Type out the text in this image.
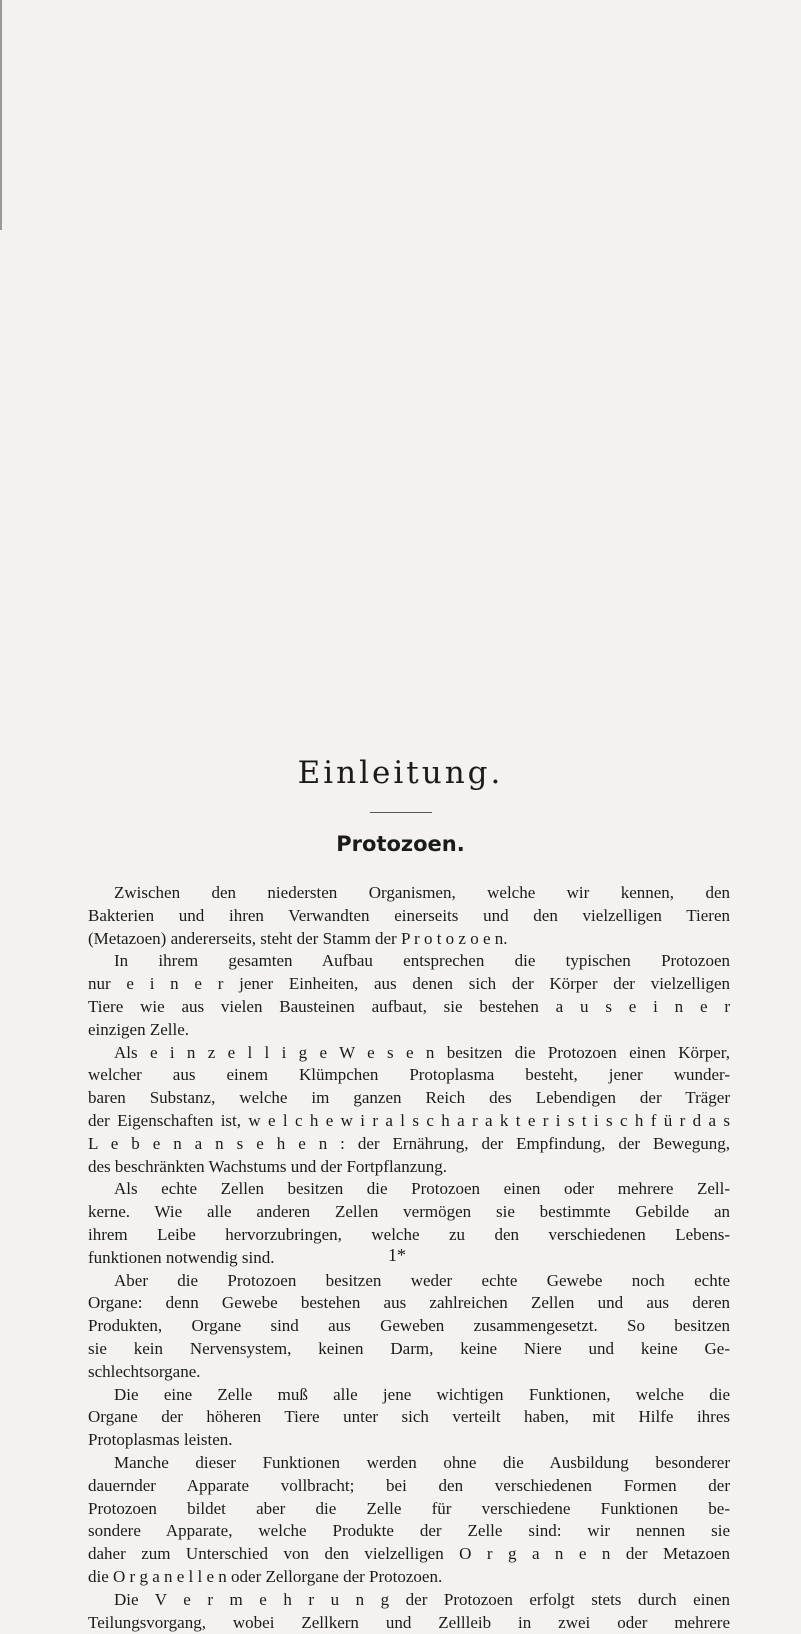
Einleitung.
Protozoen.
Zwischen den niedersten Organismen, welche wir kennen, den
Bakterien und ihren Verwandten einerseits und den vielzelligen Tieren
(Metazoen) andererseits, steht der Stamm der P r o t o z o e n.
In ihrem gesamten Aufbau entsprechen die typischen Protozoen
nur e i n e r jener Einheiten, aus denen sich der Körper der vielzelligen
Tiere wie aus vielen Bausteinen aufbaut, sie bestehen a u s e i n e r
einzigen Zelle.
Als e i n z e l l i g e W e s e n besitzen die Protozoen einen Körper,
welcher aus einem Klümpchen Protoplasma besteht, jener wunder-
baren Substanz, welche im ganzen Reich des Lebendigen der Träger
der Eigenschaften ist, w e l c h e w i r a l s c h a r a k t e r i s t i s c h f ü r d a s
L e b e n a n s e h e n : der Ernährung, der Empfindung, der Bewegung,
des beschränkten Wachstums und der Fortpflanzung.
Als echte Zellen besitzen die Protozoen einen oder mehrere Zell-
kerne. Wie alle anderen Zellen vermögen sie bestimmte Gebilde an
ihrem Leibe hervorzubringen, welche zu den verschiedenen Lebens-
funktionen notwendig sind.
Aber die Protozoen besitzen weder echte Gewebe noch echte
Organe: denn Gewebe bestehen aus zahlreichen Zellen und aus deren
Produkten, Organe sind aus Geweben zusammengesetzt. So besitzen
sie kein Nervensystem, keinen Darm, keine Niere und keine Ge-
schlechtsorgane.
Die eine Zelle muß alle jene wichtigen Funktionen, welche die
Organe der höheren Tiere unter sich verteilt haben, mit Hilfe ihres
Protoplasmas leisten.
Manche dieser Funktionen werden ohne die Ausbildung besonderer
dauernder Apparate vollbracht; bei den verschiedenen Formen der
Protozoen bildet aber die Zelle für verschiedene Funktionen be-
sondere Apparate, welche Produkte der Zelle sind: wir nennen sie
daher zum Unterschied von den vielzelligen O r g a n e n der Metazoen
die O r g a n e l l e n oder Zellorgane der Protozoen.
Die V e r m e h r u n g der Protozoen erfolgt stets durch einen
Teilungsvorgang, wobei Zellkern und Zellleib in zwei oder mehrere
1*
